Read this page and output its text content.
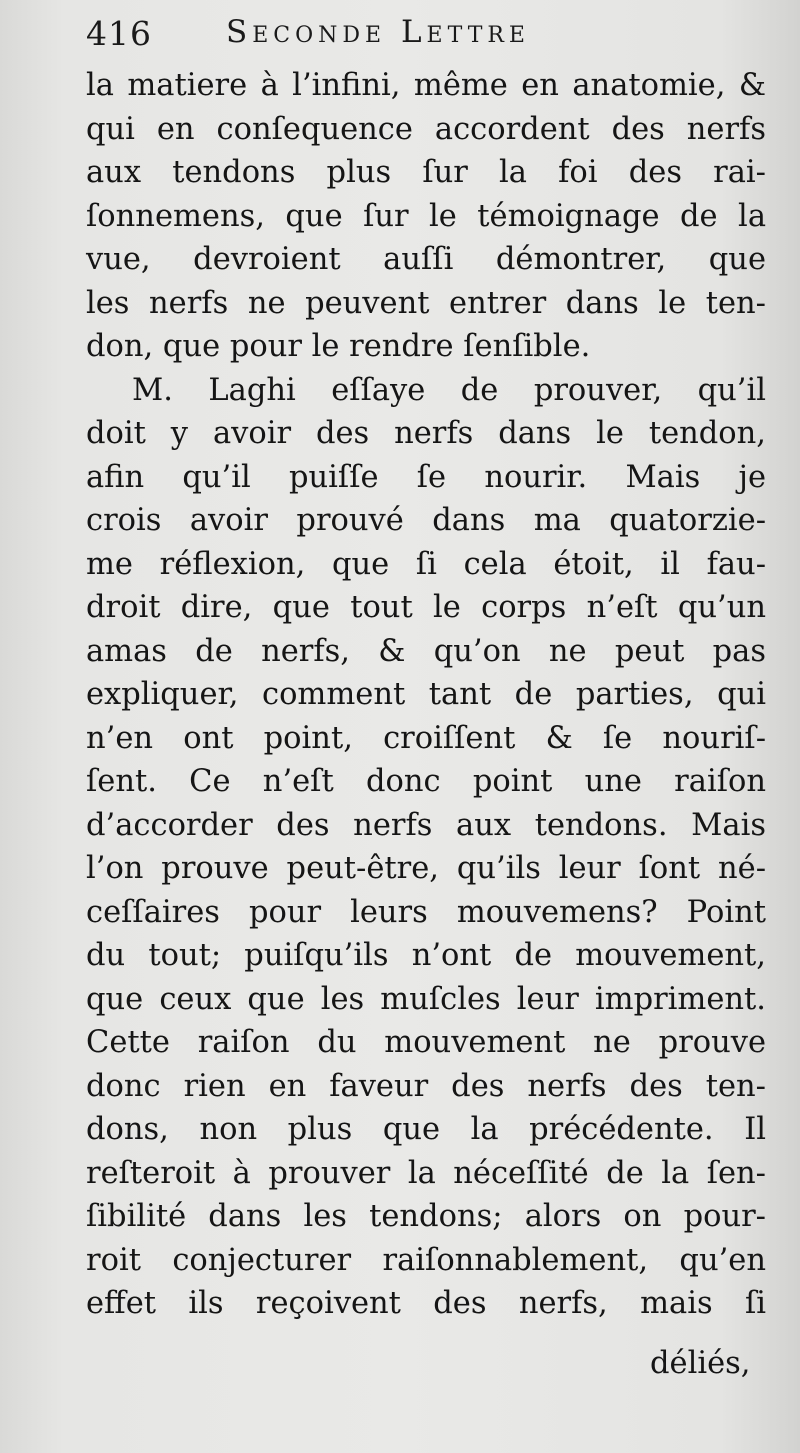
416 Seconde Lettre
la matiere à l’infini, même en anatomie, &
qui en conſequence accordent des nerfs
aux tendons plus ſur la foi des rai-
ſonnemens, que ſur le témoignage de la
vue, devroient auſſi démontrer, que
les nerfs ne peuvent entrer dans le ten-
don, que pour le rendre ſenſible.
M. Laghi eſſaye de prouver, qu’il
doit y avoir des nerfs dans le tendon,
afin qu’il puiſſe ſe nourir. Mais je
crois avoir prouvé dans ma quatorzie-
me réflexion, que ſi cela étoit, il fau-
droit dire, que tout le corps n’eſt qu’un
amas de nerfs, & qu’on ne peut pas
expliquer, comment tant de parties, qui
n’en ont point, croiſſent & ſe nouriſ-
ſent. Ce n’eſt donc point une raiſon
d’accorder des nerfs aux tendons. Mais
l’on prouve peut-être, qu’ils leur ſont né-
ceſſaires pour leurs mouvemens? Point
du tout; puiſqu’ils n’ont de mouvement,
que ceux que les muſcles leur impriment.
Cette raiſon du mouvement ne prouve
donc rien en faveur des nerfs des ten-
dons, non plus que la précédente. Il
reſteroit à prouver la néceſſité de la ſen-
ſibilité dans les tendons; alors on pour-
roit conjecturer raiſonnablement, qu’en
effet ils reçoivent des nerfs, mais ſi
déliés,
